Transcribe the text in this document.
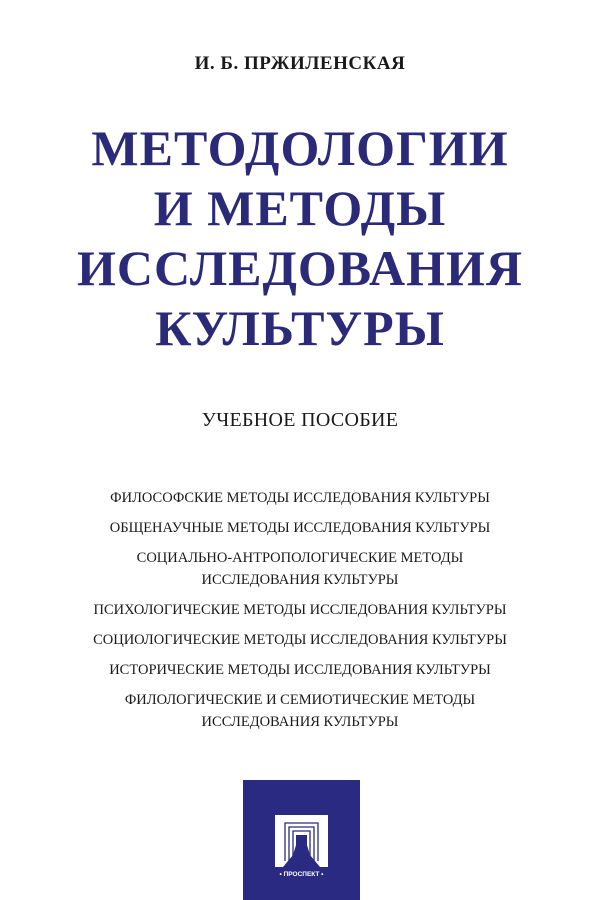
И. Б. ПРЖИЛЕНСКАЯ
МЕТОДОЛОГИИ
И МЕТОДЫ
ИССЛЕДОВАНИЯ
КУЛЬТУРЫ
УЧЕБНОЕ ПОСОБИЕ
ФИЛОСОФСКИЕ МЕТОДЫ ИССЛЕДОВАНИЯ КУЛЬТУРЫ
ОБЩЕНАУЧНЫЕ МЕТОДЫ ИССЛЕДОВАНИЯ КУЛЬТУРЫ
СОЦИАЛЬНО-АНТРОПОЛОГИЧЕСКИЕ МЕТОДЫ
ИССЛЕДОВАНИЯ КУЛЬТУРЫ
ПСИХОЛОГИЧЕСКИЕ МЕТОДЫ ИССЛЕДОВАНИЯ КУЛЬТУРЫ
СОЦИОЛОГИЧЕСКИЕ МЕТОДЫ ИССЛЕДОВАНИЯ КУЛЬТУРЫ
ИСТОРИЧЕСКИЕ МЕТОДЫ ИССЛЕДОВАНИЯ КУЛЬТУРЫ
ФИЛОЛОГИЧЕСКИЕ И СЕМИОТИЧЕСКИЕ МЕТОДЫ
ИССЛЕДОВАНИЯ КУЛЬТУРЫ
• ПРОСПЕКТ •
